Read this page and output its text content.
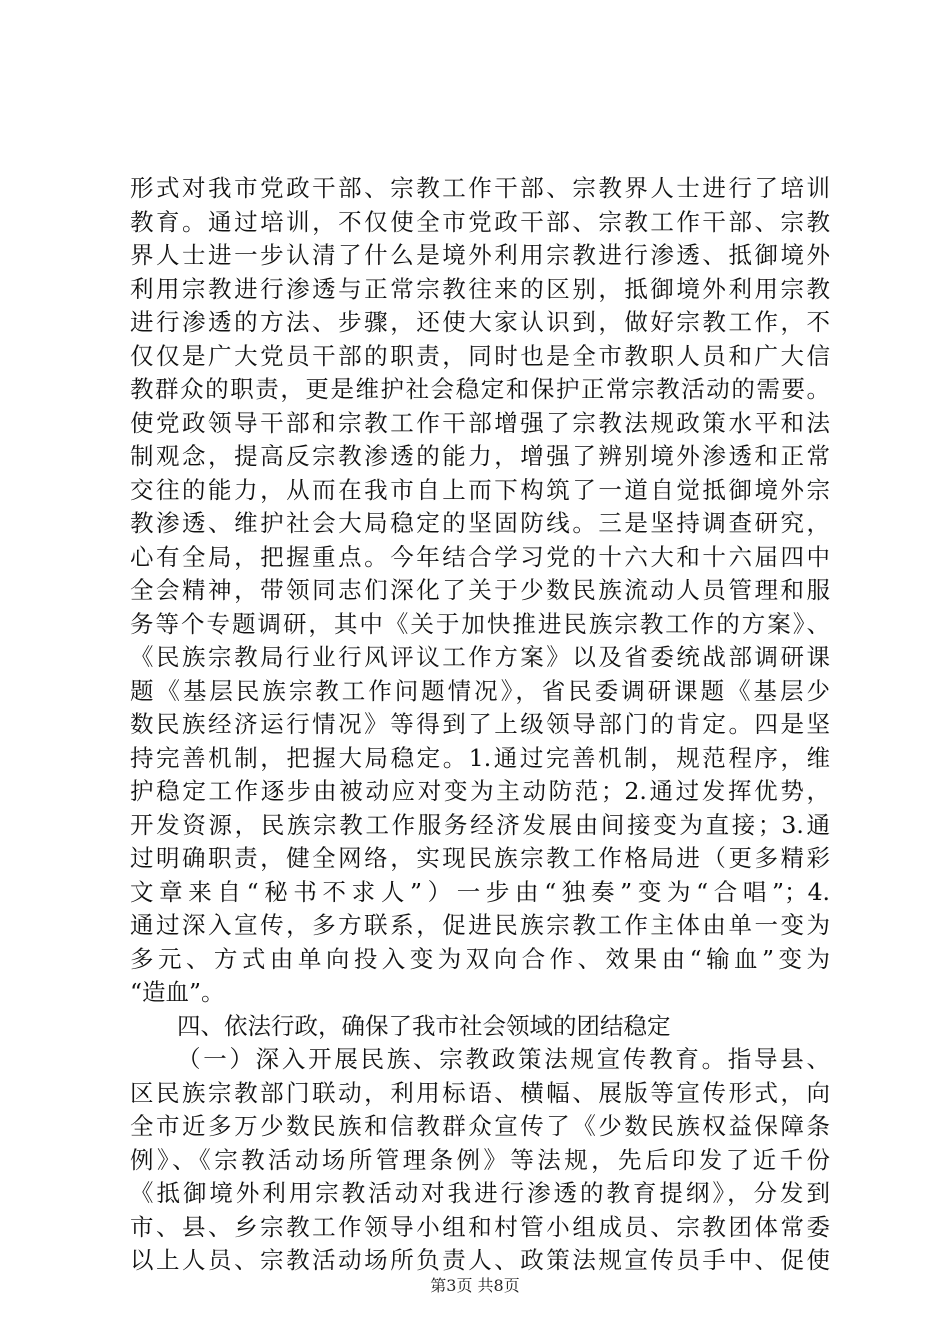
形式对我市党政干部、宗教工作干部、宗教界人士进行了培训
教育。通过培训，不仅使全市党政干部、宗教工作干部、宗教
界人士进一步认清了什么是境外利用宗教进行渗透、抵御境外
利用宗教进行渗透与正常宗教往来的区别，抵御境外利用宗教
进行渗透的方法、步骤，还使大家认识到，做好宗教工作，不
仅仅是广大党员干部的职责，同时也是全市教职人员和广大信
教群众的职责，更是维护社会稳定和保护正常宗教活动的需要。
使党政领导干部和宗教工作干部增强了宗教法规政策水平和法
制观念，提高反宗教渗透的能力，增强了辨别境外渗透和正常
交往的能力，从而在我市自上而下构筑了一道自觉抵御境外宗
教渗透、维护社会大局稳定的坚固防线。三是坚持调查研究，
心有全局，把握重点。今年结合学习党的十六大和十六届四中
全会精神，带领同志们深化了关于少数民族流动人员管理和服
务等个专题调研，其中《关于加快推进民族宗教工作的方案》、
《民族宗教局行业行风评议工作方案》以及省委统战部调研课
题《基层民族宗教工作问题情况》，省民委调研课题《基层少
数民族经济运行情况》等得到了上级领导部门的肯定。四是坚
持完善机制，把握大局稳定。1.通过完善机制，规范程序，维
护稳定工作逐步由被动应对变为主动防范；2.通过发挥优势，
开发资源，民族宗教工作服务经济发展由间接变为直接；3.通
过明确职责，健全网络，实现民族宗教工作格局进（更多精彩
文章来自“秘书不求人”）一步由“独奏”变为“合唱”；4.
通过深入宣传，多方联系，促进民族宗教工作主体由单一变为
多元、方式由单向投入变为双向合作、效果由“输血”变为
“造血”。
四、依法行政，确保了我市社会领域的团结稳定
（一）深入开展民族、宗教政策法规宣传教育。指导县、
区民族宗教部门联动，利用标语、横幅、展版等宣传形式，向
全市近多万少数民族和信教群众宣传了《少数民族权益保障条
例》、《宗教活动场所管理条例》等法规，先后印发了近千份
《抵御境外利用宗教活动对我进行渗透的教育提纲》，分发到
市、县、乡宗教工作领导小组和村管小组成员、宗教团体常委
以上人员、宗教活动场所负责人、政策法规宣传员手中、促使
第3页 共8页
